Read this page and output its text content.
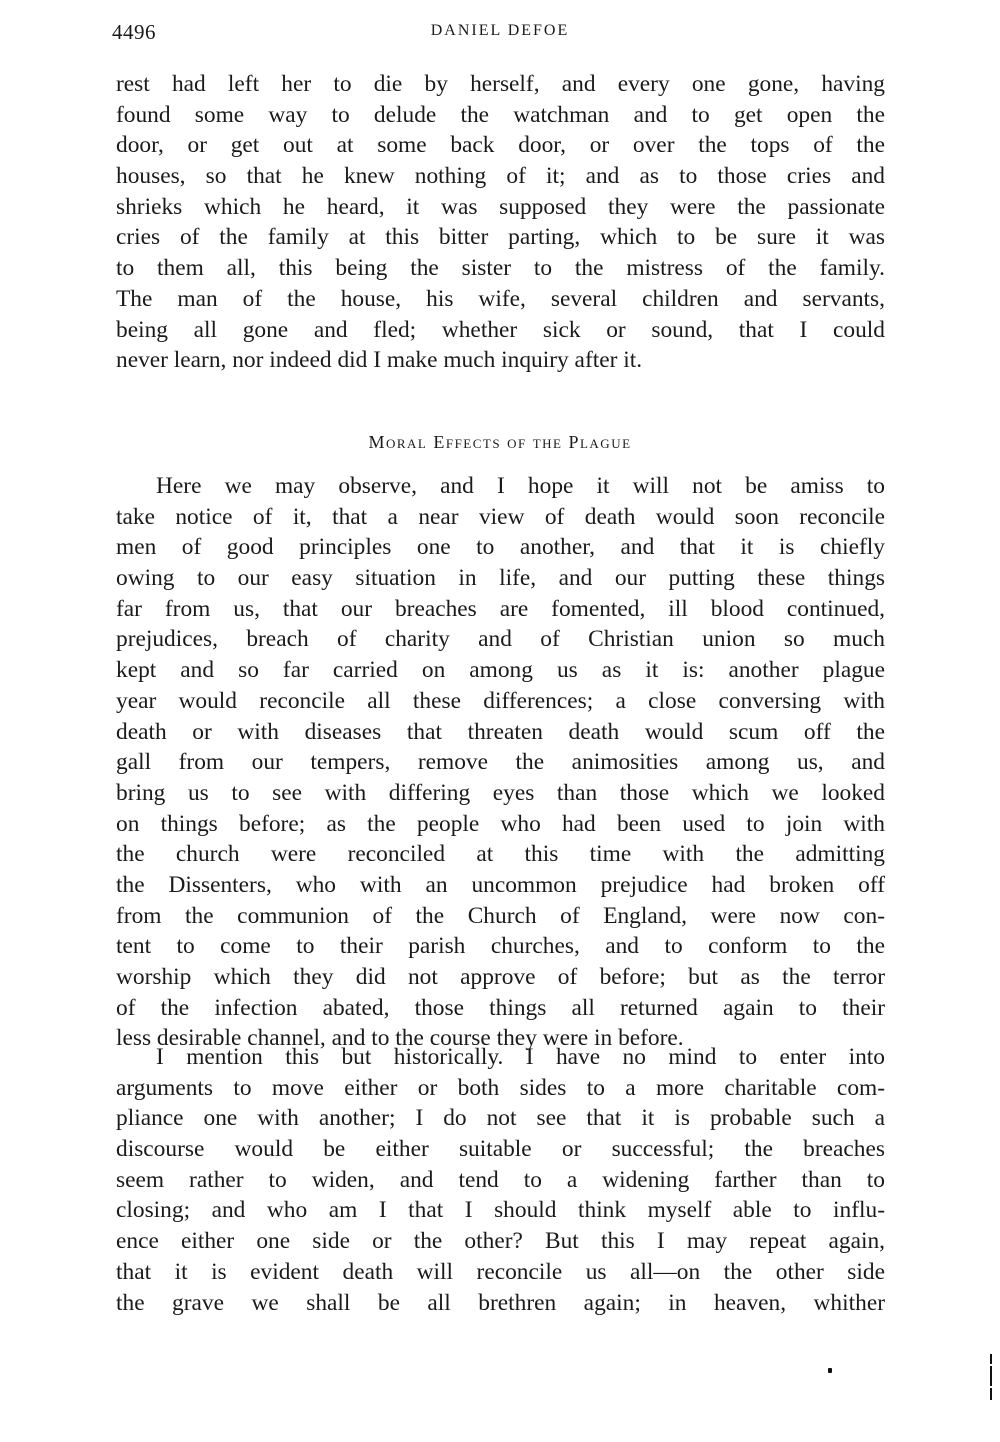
4496	DANIEL DEFOE
rest had left her to die by herself, and every one gone, having
found some way to delude the watchman and to get open the
door, or get out at some back door, or over the tops of the
houses, so that he knew nothing of it; and as to those cries and
shrieks which he heard, it was supposed they were the passionate
cries of the family at this bitter parting, which to be sure it was
to them all, this being the sister to the mistress of the family.
The man of the house, his wife, several children and servants,
being all gone and fled; whether sick or sound, that I could
never learn, nor indeed did I make much inquiry after it.
Moral Effects of the Plague
Here we may observe, and I hope it will not be amiss to
take notice of it, that a near view of death would soon reconcile
men of good principles one to another, and that it is chiefly
owing to our easy situation in life, and our putting these things
far from us, that our breaches are fomented, ill blood continued,
prejudices, breach of charity and of Christian union so much
kept and so far carried on among us as it is: another plague
year would reconcile all these differences; a close conversing with
death or with diseases that threaten death would scum off the
gall from our tempers, remove the animosities among us, and
bring us to see with differing eyes than those which we looked
on things before; as the people who had been used to join with
the church were reconciled at this time with the admitting
the Dissenters, who with an uncommon prejudice had broken off
from the communion of the Church of England, were now con-
tent to come to their parish churches, and to conform to the
worship which they did not approve of before; but as the terror
of the infection abated, those things all returned again to their
less desirable channel, and to the course they were in before.
I mention this but historically. I have no mind to enter into
arguments to move either or both sides to a more charitable com-
pliance one with another; I do not see that it is probable such a
discourse would be either suitable or successful; the breaches
seem rather to widen, and tend to a widening farther than to
closing; and who am I that I should think myself able to influ-
ence either one side or the other? But this I may repeat again,
that it is evident death will reconcile us all—on the other side
the grave we shall be all brethren again; in heaven, whither
